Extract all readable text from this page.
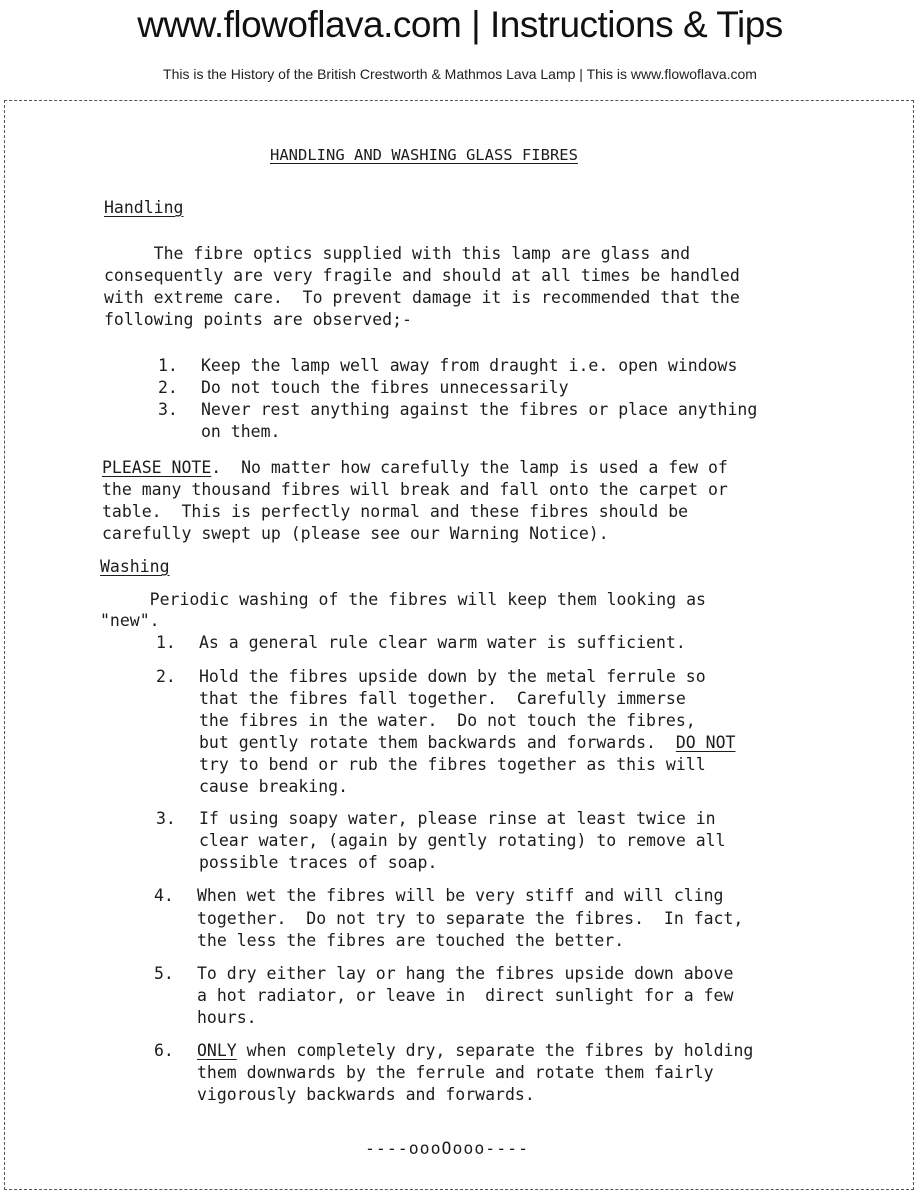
www.flowoflava.com | Instructions & Tips
This is the History of the British Crestworth & Mathmos Lava Lamp | This is www.flowoflava.com
HANDLING AND WASHING GLASS FIBRES
Handling
The fibre optics supplied with this lamp are glass and
consequently are very fragile and should at all times be handled
with extreme care.  To prevent damage it is recommended that the
following points are observed;-
1. Keep the lamp well away from draught i.e. open windows
2. Do not touch the fibres unnecessarily
3. Never rest anything against the fibres or place anything
on them.
PLEASE NOTE.  No matter how carefully the lamp is used a few of
the many thousand fibres will break and fall onto the carpet or
table.  This is perfectly normal and these fibres should be
carefully swept up (please see our Warning Notice).
Washing
Periodic washing of the fibres will keep them looking as
"new".
1. As a general rule clear warm water is sufficient.
2. Hold the fibres upside down by the metal ferrule so
that the fibres fall together.  Carefully immerse
the fibres in the water.  Do not touch the fibres,
but gently rotate them backwards and forwards.  DO NOT
try to bend or rub the fibres together as this will
cause breaking.
3. If using soapy water, please rinse at least twice in
clear water, (again by gently rotating) to remove all
possible traces of soap.
4. When wet the fibres will be very stiff and will cling
together.  Do not try to separate the fibres.  In fact,
the less the fibres are touched the better.
5. To dry either lay or hang the fibres upside down above
a hot radiator, or leave in  direct sunlight for a few
hours.
6. ONLY when completely dry, separate the fibres by holding
them downwards by the ferrule and rotate them fairly
vigorously backwards and forwards.
----oooOooo----
